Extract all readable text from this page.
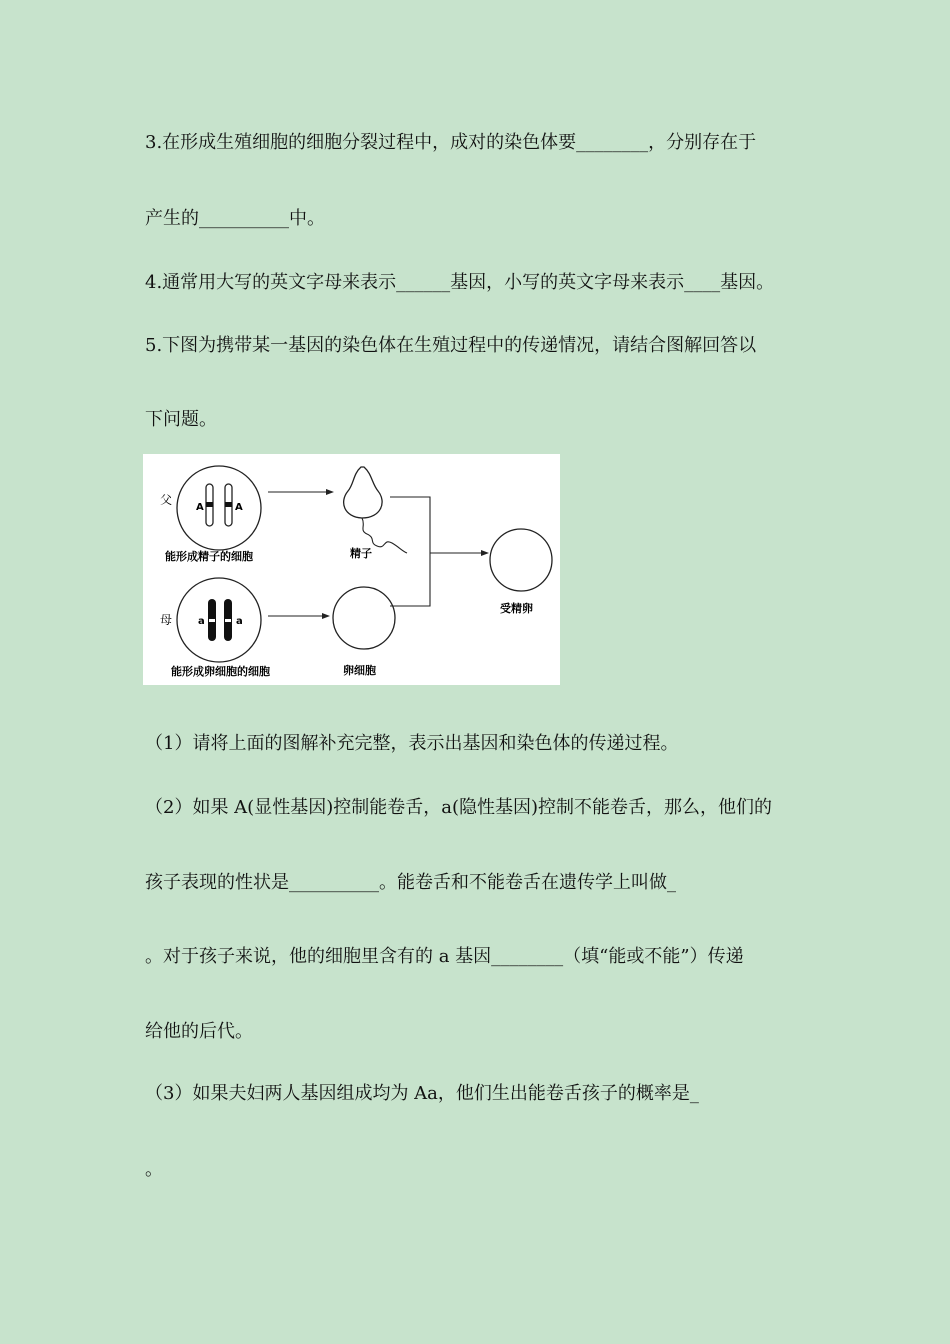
3.在形成生殖细胞的细胞分裂过程中，成对的染色体要________，分别存在于

产生的__________中。

4.通常用大写的英文字母来表示______基因，小写的英文字母来表示____基因。

5.下图为携带某一基因的染色体在生殖过程中的传递情况，请结合图解回答以

下问题。

父
A	A
能形成精子的细胞	精子
受精卵
母	a	a
能形成卵细胞的细胞	卵细胞

（1）请将上面的图解补充完整，表示出基因和染色体的传递过程。

（2）如果 A(显性基因)控制能卷舌，a(隐性基因)控制不能卷舌，那么，他们的

孩子表现的性状是__________。能卷舌和不能卷舌在遗传学上叫做_

。对于孩子来说，他的细胞里含有的 a 基因________（填“能或不能”）传递

给他的后代。

（3）如果夫妇两人基因组成均为 Aa，他们生出能卷舌孩子的概率是_

。
